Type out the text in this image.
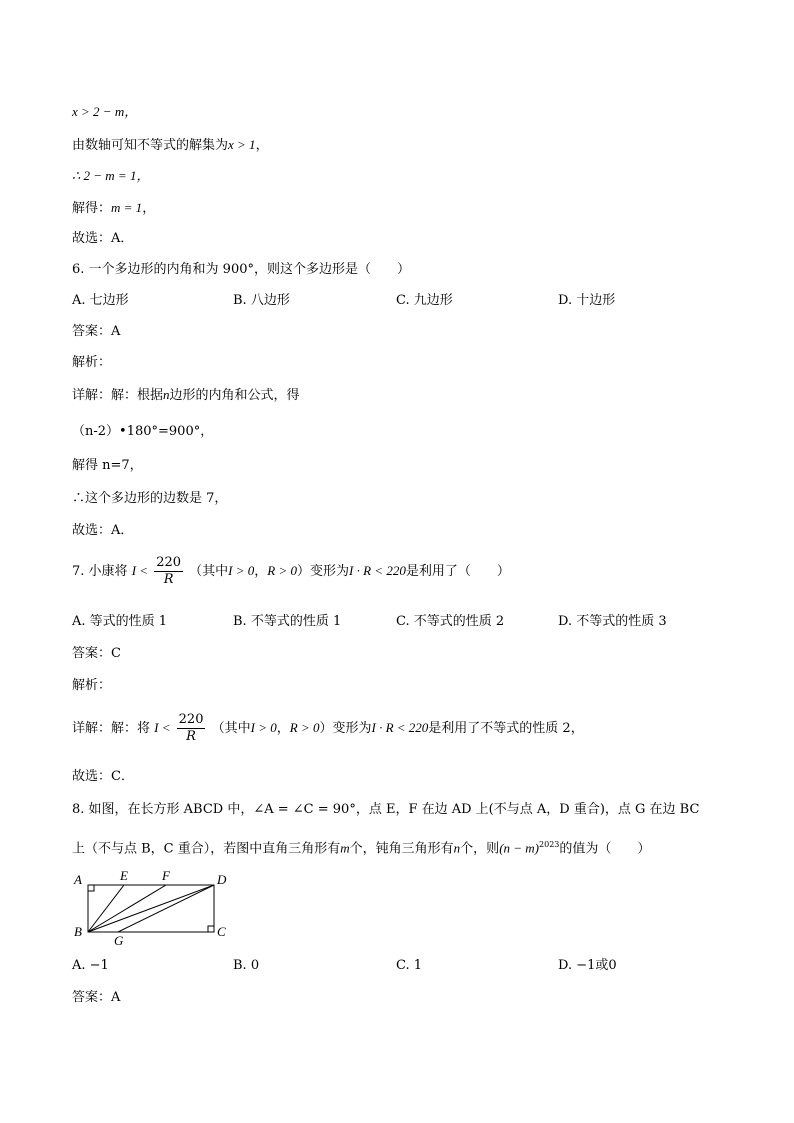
x > 2 − m，
由数轴可知不等式的解集为x > 1，
∴ 2 − m = 1，
解得：m = 1，
故选：A．
6. 一个多边形的内角和为 900°，则这个多边形是（　　）
A. 七边形	B. 八边形	C. 九边形	D. 十边形
答案：A
解析：
详解：解：根据n边形的内角和公式，得
（n-2）•180°=900°，
解得 n=7，
∴这个多边形的边数是 7，
故选：A．
7. 小康将 $I < \frac{220}{R}$ （其中I > 0，R > 0）变形为I · R < 220是利用了（　　）
A. 等式的性质 1	B. 不等式的性质 1	C. 不等式的性质 2	D. 不等式的性质 3
答案：C
解析：
详解：解：将 $I < \frac{220}{R}$ （其中I > 0，R > 0）变形为I · R < 220是利用了不等式的性质 2，
故选：C．
8. 如图，在长方形 ABCD 中，∠A = ∠C = 90°，点 E，F 在边 AD 上(不与点 A，D 重合)，点 G 在边 BC
上（不与点 B，C 重合），若图中直角三角形有m个，钝角三角形有n个，则$(n - m)^{2023}$的值为（　　）
A	E	F	D
B
G
C
A. −1	B. 0	C. 1	D. −1或0
答案：A
